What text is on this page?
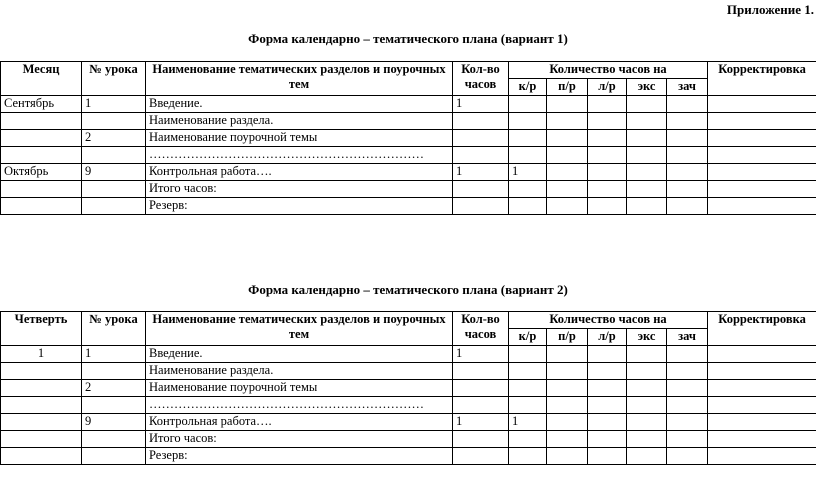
Приложение 1.
Форма календарно – тематического плана (вариант 1)
Месяц	№ урока	Наименование тематических разделов и поурочных тем	Кол-во часов	Количество часов на					Корректировка
				к/р	п/р	л/р	экс	зач	
Сентябрь	1	Введение.	1						
		Наименование раздела.							
	2	Наименование поурочной темы							
		…………………………………………………………							
Октябрь	9	Контрольная работа….	1	1					
		Итого часов:							
		Резерв:							
Форма календарно – тематического плана (вариант 2)
Четверть	№ урока	Наименование тематических разделов и поурочных тем	Кол-во часов	Количество часов на					Корректировка
				к/р	п/р	л/р	экс	зач	
1	1	Введение.	1						
		Наименование раздела.							
	2	Наименование поурочной темы							
		…………………………………………………………							
	9	Контрольная работа….	1	1					
		Итого часов:							
		Резерв:							
